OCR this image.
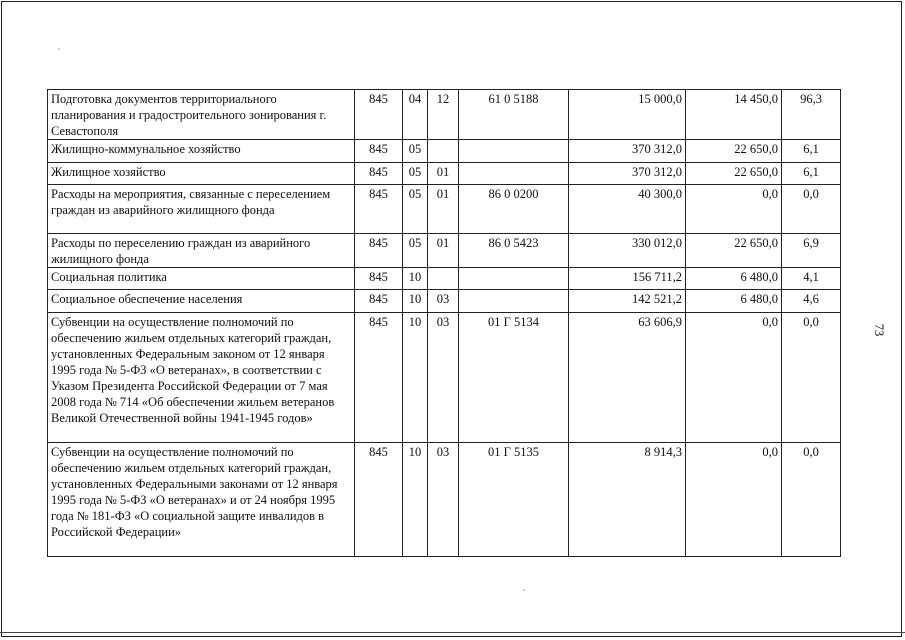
Подготовка документов территориального планирования и градостроительного зонирования г. Севастополя	845	04	12	61 0 5188	15 000,0	14 450,0	96,3
Жилищно-коммунальное хозяйство	845	05			370 312,0	22 650,0	6,1
Жилищное хозяйство	845	05	01		370 312,0	22 650,0	6,1
Расходы на мероприятия, связанные с переселением граждан из аварийного жилищного фонда	845	05	01	86 0 0200	40 300,0	0,0	0,0
Расходы по переселению граждан из аварийного жилищного фонда	845	05	01	86 0 5423	330 012,0	22 650,0	6,9
Социальная политика	845	10			156 711,2	6 480,0	4,1
Социальное обеспечение населения	845	10	03		142 521,2	6 480,0	4,6
Субвенции на осуществление полномочий по обеспечению жильем отдельных категорий граждан, установленных Федеральным законом от 12 января 1995 года № 5-ФЗ «О ветеранах», в соответствии с Указом Президента Российской Федерации от 7 мая 2008 года № 714 «Об обеспечении жильем ветеранов Великой Отечественной войны 1941-1945 годов»	845	10	03	01 Г 5134	63 606,9	0,0	0,0
Субвенции на осуществление полномочий по обеспечению жильем отдельных категорий граждан, установленных Федеральными законами от 12 января 1995 года № 5-ФЗ «О ветеранах» и от 24 ноября 1995 года № 181-ФЗ «О социальной защите инвалидов в Российской Федерации»	845	10	03	01 Г 5135	8 914,3	0,0	0,0
73
